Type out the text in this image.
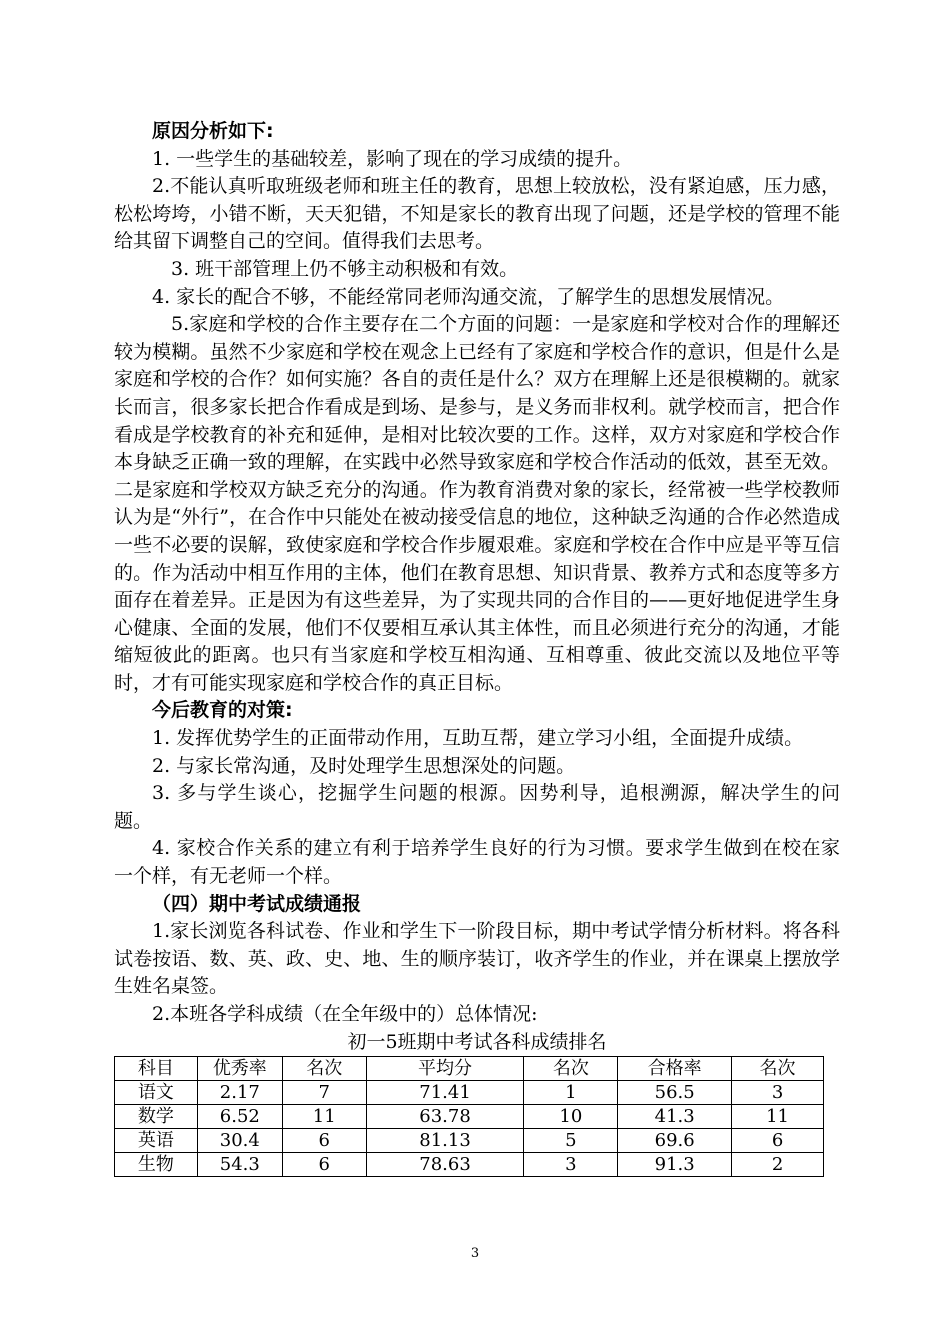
原因分析如下:

1. 一些学生的基础较差，影响了现在的学习成绩的提升。

2.不能认真听取班级老师和班主任的教育，思想上较放松，没有紧迫感，压力感，松松垮垮，小错不断，天天犯错，不知是家长的教育出现了问题，还是学校的管理不能给其留下调整自己的空间。值得我们去思考。

3. 班干部管理上仍不够主动积极和有效。

4. 家长的配合不够，不能经常同老师沟通交流，了解学生的思想发展情况。

5.家庭和学校的合作主要存在二个方面的问题：一是家庭和学校对合作的理解还较为模糊。虽然不少家庭和学校在观念上已经有了家庭和学校合作的意识，但是什么是家庭和学校的合作？如何实施？各自的责任是什么？双方在理解上还是很模糊的。就家长而言，很多家长把合作看成是到场、是参与，是义务而非权利。就学校而言，把合作看成是学校教育的补充和延伸，是相对比较次要的工作。这样，双方对家庭和学校合作本身缺乏正确一致的理解，在实践中必然导致家庭和学校合作活动的低效，甚至无效。二是家庭和学校双方缺乏充分的沟通。作为教育消费对象的家长，经常被一些学校教师认为是“外行”，在合作中只能处在被动接受信息的地位，这种缺乏沟通的合作必然造成一些不必要的误解，致使家庭和学校合作步履艰难。家庭和学校在合作中应是平等互信的。作为活动中相互作用的主体，他们在教育思想、知识背景、教养方式和态度等多方面存在着差异。正是因为有这些差异，为了实现共同的合作目的——更好地促进学生身心健康、全面的发展，他们不仅要相互承认其主体性，而且必须进行充分的沟通，才能缩短彼此的距离。也只有当家庭和学校互相沟通、互相尊重、彼此交流以及地位平等时，才有可能实现家庭和学校合作的真正目标。

今后教育的对策:

1. 发挥优势学生的正面带动作用，互助互帮，建立学习小组，全面提升成绩。

2. 与家长常沟通，及时处理学生思想深处的问题。

3. 多与学生谈心，挖掘学生问题的根源。因势利导，追根溯源，解决学生的问题。

4. 家校合作关系的建立有利于培养学生良好的行为习惯。要求学生做到在校在家一个样，有无老师一个样。

（四）期中考试成绩通报

1.家长浏览各科试卷、作业和学生下一阶段目标，期中考试学情分析材料。将各科试卷按语、数、英、政、史、地、生的顺序装订，收齐学生的作业，并在课桌上摆放学生姓名桌签。

2.本班各学科成绩（在全年级中的）总体情况:

初一5班期中考试各科成绩排名

科目	优秀率	名次	平均分	名次	合格率	名次
语文	2.17	7	71.41	1	56.5	3
数学	6.52	11	63.78	10	41.3	11
英语	30.4	6	81.13	5	69.6	6
生物	54.3	6	78.63	3	91.3	2
3
